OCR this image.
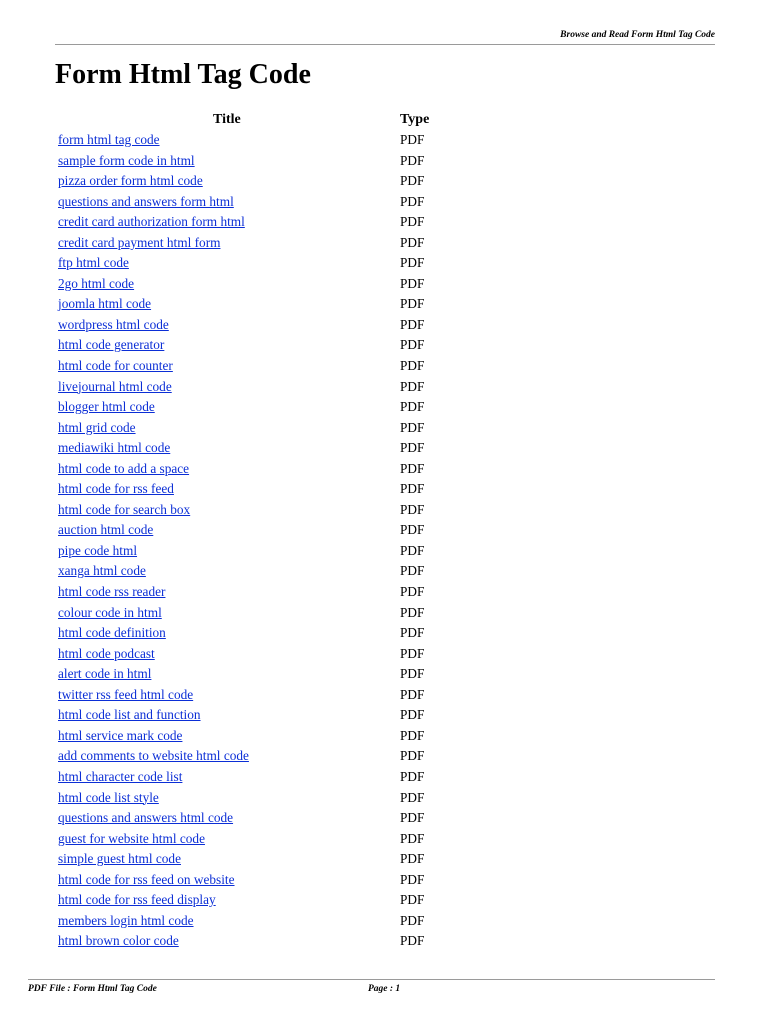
Browse and Read Form Html Tag Code
Form Html Tag Code
Title	Type
form html tag code	PDF
sample form code in html	PDF
pizza order form html code	PDF
questions and answers form html	PDF
credit card authorization form html	PDF
credit card payment html form	PDF
ftp html code	PDF
2go html code	PDF
joomla html code	PDF
wordpress html code	PDF
html code generator	PDF
html code for counter	PDF
livejournal html code	PDF
blogger html code	PDF
html grid code	PDF
mediawiki html code	PDF
html code to add a space	PDF
html code for rss feed	PDF
html code for search box	PDF
auction html code	PDF
pipe code html	PDF
xanga html code	PDF
html code rss reader	PDF
colour code in html	PDF
html code definition	PDF
html code podcast	PDF
alert code in html	PDF
twitter rss feed html code	PDF
html code list and function	PDF
html service mark code	PDF
add comments to website html code	PDF
html character code list	PDF
html code list style	PDF
questions and answers html code	PDF
guest for website html code	PDF
simple guest html code	PDF
html code for rss feed on website	PDF
html code for rss feed display	PDF
members login html code	PDF
html brown color code	PDF
PDF File : Form Html Tag Code	Page : 1
